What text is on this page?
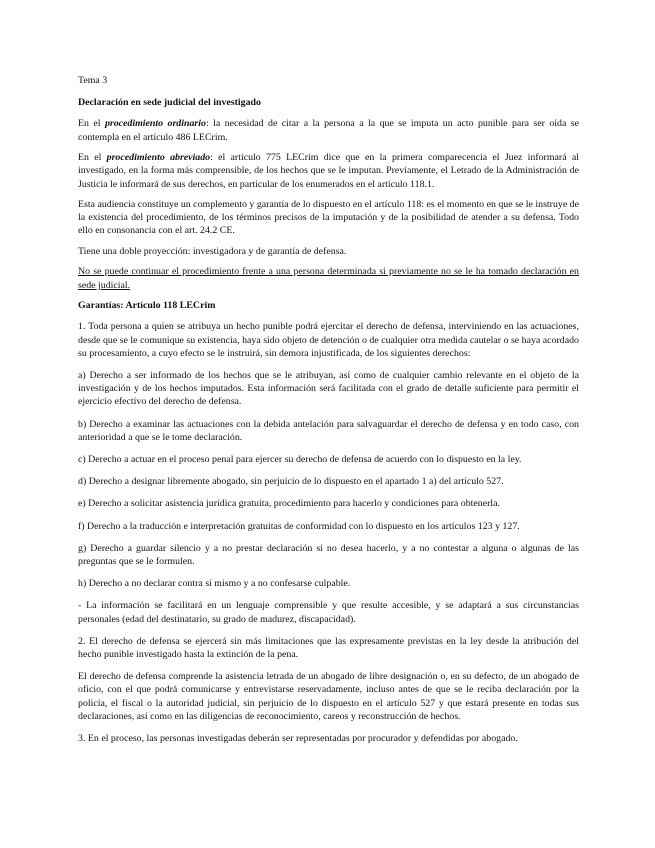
Tema 3

Declaración en sede judicial del investigado

En el procedimiento ordinario: la necesidad de citar a la persona a la que se imputa un acto punible para ser oída se contempla en el artículo 486 LECrim.

En el procedimiento abreviado: el artículo 775 LECrim dice que en la primera comparecencia el Juez informará al investigado, en la forma más comprensible, de los hechos que se le imputan. Previamente, el Letrado de la Administración de Justicia le informará de sus derechos, en particular de los enumerados en el artículo 118.1.

Esta audiencia constituye un complemento y garantía de lo dispuesto en el artículo 118: es el momento en que se le instruye de la existencia del procedimiento, de los términos precisos de la imputación y de la posibilidad de atender a su defensa. Todo ello en consonancia con el art. 24.2 CE.

Tiene una doble proyección: investigadora y de garantía de defensa.

No se puede continuar el procedimiento frente a una persona determinada si previamente no se le ha tomado declaración en sede judicial.

Garantías: Artículo 118 LECrim

1. Toda persona a quien se atribuya un hecho punible podrá ejercitar el derecho de defensa, interviniendo en las actuaciones, desde que se le comunique su existencia, haya sido objeto de detención o de cualquier otra medida cautelar o se haya acordado su procesamiento, a cuyo efecto se le instruirá, sin demora injustificada, de los siguientes derechos:

a) Derecho a ser informado de los hechos que se le atribuyan, así como de cualquier cambio relevante en el objeto de la investigación y de los hechos imputados. Esta información será facilitada con el grado de detalle suficiente para permitir el ejercicio efectivo del derecho de defensa.

b) Derecho a examinar las actuaciones con la debida antelación para salvaguardar el derecho de defensa y en todo caso, con anterioridad a que se le tome declaración.

c) Derecho a actuar en el proceso penal para ejercer su derecho de defensa de acuerdo con lo dispuesto en la ley.

d) Derecho a designar libremente abogado, sin perjuicio de lo dispuesto en el apartado 1 a) del artículo 527.

e) Derecho a solicitar asistencia jurídica gratuita, procedimiento para hacerlo y condiciones para obtenerla.

f) Derecho a la traducción e interpretación gratuitas de conformidad con lo dispuesto en los artículos 123 y 127.

g) Derecho a guardar silencio y a no prestar declaración si no desea hacerlo, y a no contestar a alguna o algunas de las preguntas que se le formulen.

h) Derecho a no declarar contra sí mismo y a no confesarse culpable.

- La información se facilitará en un lenguaje comprensible y que resulte accesible, y se adaptará a sus circunstancias personales (edad del destinatario, su grado de madurez, discapacidad).

2. El derecho de defensa se ejercerá sin más limitaciones que las expresamente previstas en la ley desde la atribución del hecho punible investigado hasta la extinción de la pena.

El derecho de defensa comprende la asistencia letrada de un abogado de libre designación o, en su defecto, de un abogado de oficio, con el que podrá comunicarse y entrevistarse reservadamente, incluso antes de que se le reciba declaración por la policía, el fiscal o la autoridad judicial, sin perjuicio de lo dispuesto en el artículo 527 y que estará presente en todas sus declaraciones, así como en las diligencias de reconocimiento, careos y reconstrucción de hechos.

3. En el proceso, las personas investigadas deberán ser representadas por procurador y defendidas por abogado.
